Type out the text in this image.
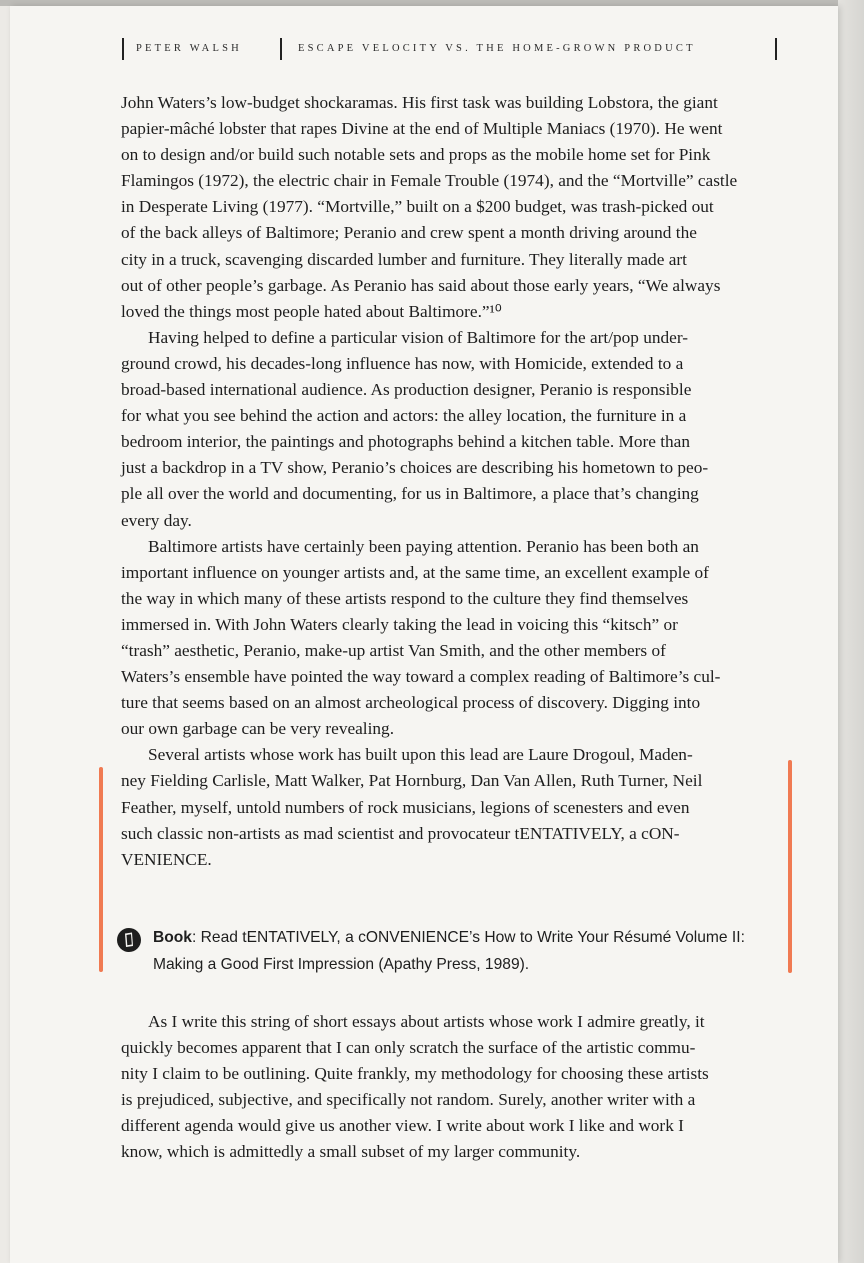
PETER WALSH	ESCAPE VELOCITY VS. THE HOME-GROWN PRODUCT

John Waters’s low-budget shockaramas. His first task was building Lobstora, the giant
papier-mâché lobster that rapes Divine at the end of Multiple Maniacs (1970). He went
on to design and/or build such notable sets and props as the mobile home set for Pink
Flamingos (1972), the electric chair in Female Trouble (1974), and the “Mortville” castle
in Desperate Living (1977). “Mortville,” built on a $200 budget, was trash-picked out
of the back alleys of Baltimore; Peranio and crew spent a month driving around the
city in a truck, scavenging discarded lumber and furniture. They literally made art
out of other people’s garbage. As Peranio has said about those early years, “We always
loved the things most people hated about Baltimore.”¹⁰

Having helped to define a particular vision of Baltimore for the art/pop under-
ground crowd, his decades-long influence has now, with Homicide, extended to a
broad-based international audience. As production designer, Peranio is responsible
for what you see behind the action and actors: the alley location, the furniture in a
bedroom interior, the paintings and photographs behind a kitchen table. More than
just a backdrop in a TV show, Peranio’s choices are describing his hometown to peo-
ple all over the world and documenting, for us in Baltimore, a place that’s changing
every day.

Baltimore artists have certainly been paying attention. Peranio has been both an
important influence on younger artists and, at the same time, an excellent example of
the way in which many of these artists respond to the culture they find themselves
immersed in. With John Waters clearly taking the lead in voicing this “kitsch” or
“trash” aesthetic, Peranio, make-up artist Van Smith, and the other members of
Waters’s ensemble have pointed the way toward a complex reading of Baltimore’s cul-
ture that seems based on an almost archeological process of discovery. Digging into
our own garbage can be very revealing.

Several artists whose work has built upon this lead are Laure Drogoul, Maden-
ney Fielding Carlisle, Matt Walker, Pat Hornburg, Dan Van Allen, Ruth Turner, Neil
Feather, myself, untold numbers of rock musicians, legions of scenesters and even
such classic non-artists as mad scientist and provocateur tENTATIVELY, a cON-
VENIENCE.

Book: Read tENTATIVELY, a cONVENIENCE’s How to Write Your Résumé Volume II:
Making a Good First Impression (Apathy Press, 1989).
As I write this string of short essays about artists whose work I admire greatly, it
quickly becomes apparent that I can only scratch the surface of the artistic commu-
nity I claim to be outlining. Quite frankly, my methodology for choosing these artists
is prejudiced, subjective, and specifically not random. Surely, another writer with a
different agenda would give us another view. I write about work I like and work I
know, which is admittedly a small subset of my larger community.
